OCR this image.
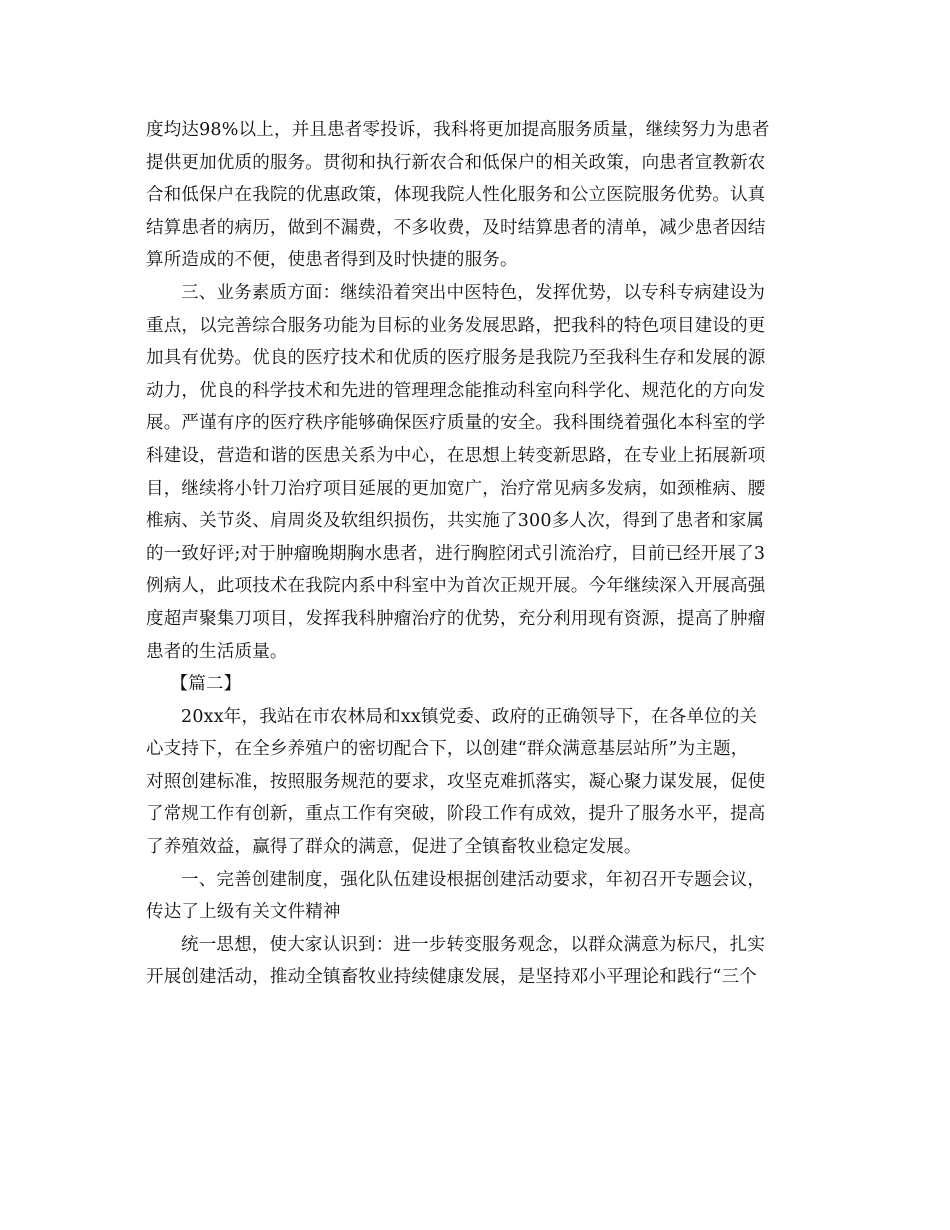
度均达98%以上，并且患者零投诉，我科将更加提高服务质量，继续努力为患者
提供更加优质的服务。贯彻和执行新农合和低保户的相关政策，向患者宣教新农
合和低保户在我院的优惠政策，体现我院人性化服务和公立医院服务优势。认真
结算患者的病历，做到不漏费，不多收费，及时结算患者的清单，减少患者因结
算所造成的不便，使患者得到及时快捷的服务。
三、业务素质方面：继续沿着突出中医特色，发挥优势，以专科专病建设为
重点，以完善综合服务功能为目标的业务发展思路，把我科的特色项目建设的更
加具有优势。优良的医疗技术和优质的医疗服务是我院乃至我科生存和发展的源
动力，优良的科学技术和先进的管理理念能推动科室向科学化、规范化的方向发
展。严谨有序的医疗秩序能够确保医疗质量的安全。我科围绕着强化本科室的学
科建设，营造和谐的医患关系为中心，在思想上转变新思路，在专业上拓展新项
目，继续将小针刀治疗项目延展的更加宽广，治疗常见病多发病，如颈椎病、腰
椎病、关节炎、肩周炎及软组织损伤，共实施了300多人次，得到了患者和家属
的一致好评;对于肿瘤晚期胸水患者，进行胸腔闭式引流治疗，目前已经开展了3
例病人，此项技术在我院内系中科室中为首次正规开展。今年继续深入开展高强
度超声聚集刀项目，发挥我科肿瘤治疗的优势，充分利用现有资源，提高了肿瘤
患者的生活质量。
【篇二】
20xx年，我站在市农林局和xx镇党委、政府的正确领导下，在各单位的关
心支持下，在全乡养殖户的密切配合下，以创建“群众满意基层站所”为主题，
对照创建标准，按照服务规范的要求，攻坚克难抓落实，凝心聚力谋发展，促使
了常规工作有创新，重点工作有突破，阶段工作有成效，提升了服务水平，提高
了养殖效益，赢得了群众的满意，促进了全镇畜牧业稳定发展。
一、完善创建制度，强化队伍建设根据创建活动要求，年初召开专题会议，
传达了上级有关文件精神
统一思想，使大家认识到：进一步转变服务观念，以群众满意为标尺，扎实
开展创建活动，推动全镇畜牧业持续健康发展，是坚持邓小平理论和践行“三个
